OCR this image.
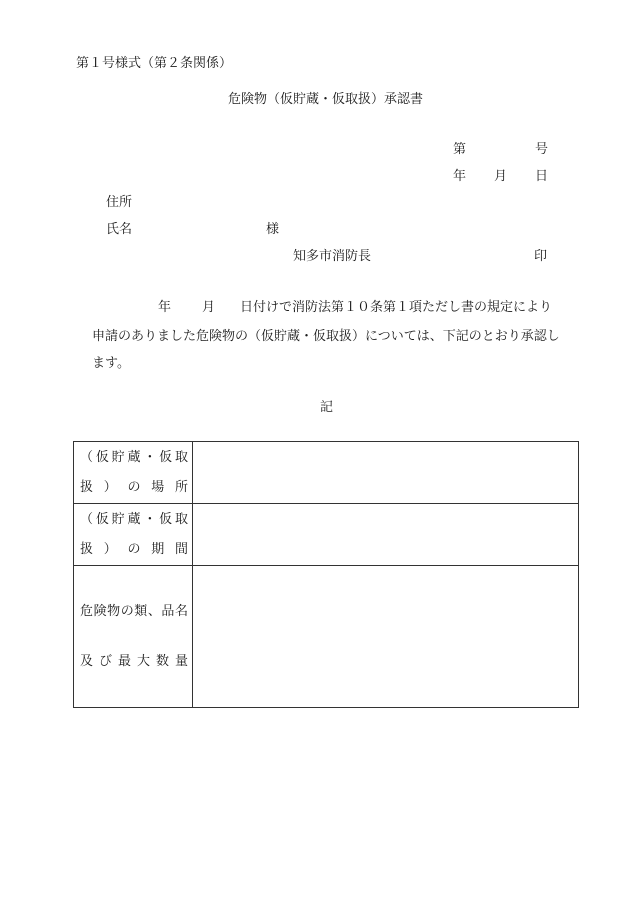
第１号様式（第２条関係）
危険物（仮貯蔵・仮取扱）承認書
第	号
年 月 日
住所
氏名	様
知多市消防長	印
年 月 日付けで消防法第１０条第１項ただし書の規定により
申請のありました危険物の（仮貯蔵・仮取扱）については、下記のとおり承認し
ます。
記
（仮貯蔵・仮取
扱）の場所	

（仮貯蔵・仮取
扱）の期間	

危険物の類、品名
及び最大数量	
